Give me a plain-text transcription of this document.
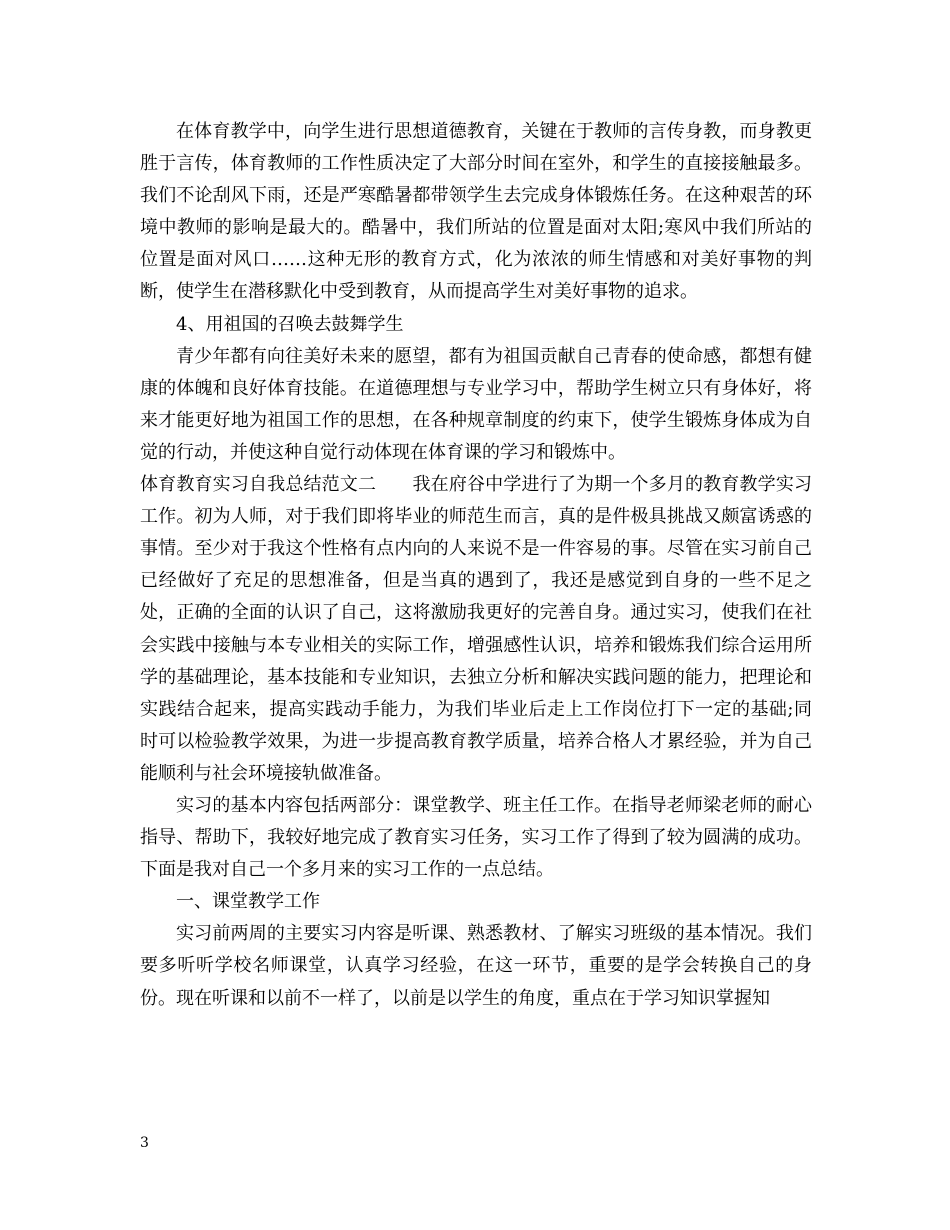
在体育教学中，向学生进行思想道德教育，关键在于教师的言传身教，而身教更胜于言传，体育教师的工作性质决定了大部分时间在室外，和学生的直接接触最多。我们不论刮风下雨，还是严寒酷暑都带领学生去完成身体锻炼任务。在这种艰苦的环境中教师的影响是最大的。酷暑中，我们所站的位置是面对太阳;寒风中我们所站的位置是面对风口……这种无形的教育方式，化为浓浓的师生情感和对美好事物的判断，使学生在潜移默化中受到教育，从而提高学生对美好事物的追求。

4、用祖国的召唤去鼓舞学生

青少年都有向往美好未来的愿望，都有为祖国贡献自己青春的使命感，都想有健康的体魄和良好体育技能。在道德理想与专业学习中，帮助学生树立只有身体好，将来才能更好地为祖国工作的思想，在各种规章制度的约束下，使学生锻炼身体成为自觉的行动，并使这种自觉行动体现在体育课的学习和锻炼中。

体育教育实习自我总结范文二　　我在府谷中学进行了为期一个多月的教育教学实习工作。初为人师，对于我们即将毕业的师范生而言，真的是件极具挑战又颇富诱惑的事情。至少对于我这个性格有点内向的人来说不是一件容易的事。尽管在实习前自己已经做好了充足的思想准备，但是当真的遇到了，我还是感觉到自身的一些不足之处，正确的全面的认识了自己，这将激励我更好的完善自身。通过实习，使我们在社会实践中接触与本专业相关的实际工作，增强感性认识，培养和锻炼我们综合运用所学的基础理论，基本技能和专业知识，去独立分析和解决实践问题的能力，把理论和实践结合起来，提高实践动手能力，为我们毕业后走上工作岗位打下一定的基础;同时可以检验教学效果，为进一步提高教育教学质量，培养合格人才累经验，并为自己能顺利与社会环境接轨做准备。

实习的基本内容包括两部分：课堂教学、班主任工作。在指导老师梁老师的耐心指导、帮助下，我较好地完成了教育实习任务，实习工作了得到了较为圆满的成功。下面是我对自己一个多月来的实习工作的一点总结。

一、课堂教学工作

实习前两周的主要实习内容是听课、熟悉教材、了解实习班级的基本情况。我们要多听听学校名师课堂，认真学习经验，在这一环节，重要的是学会转换自己的身份。现在听课和以前不一样了，以前是以学生的角度，重点在于学习知识掌握知

3
